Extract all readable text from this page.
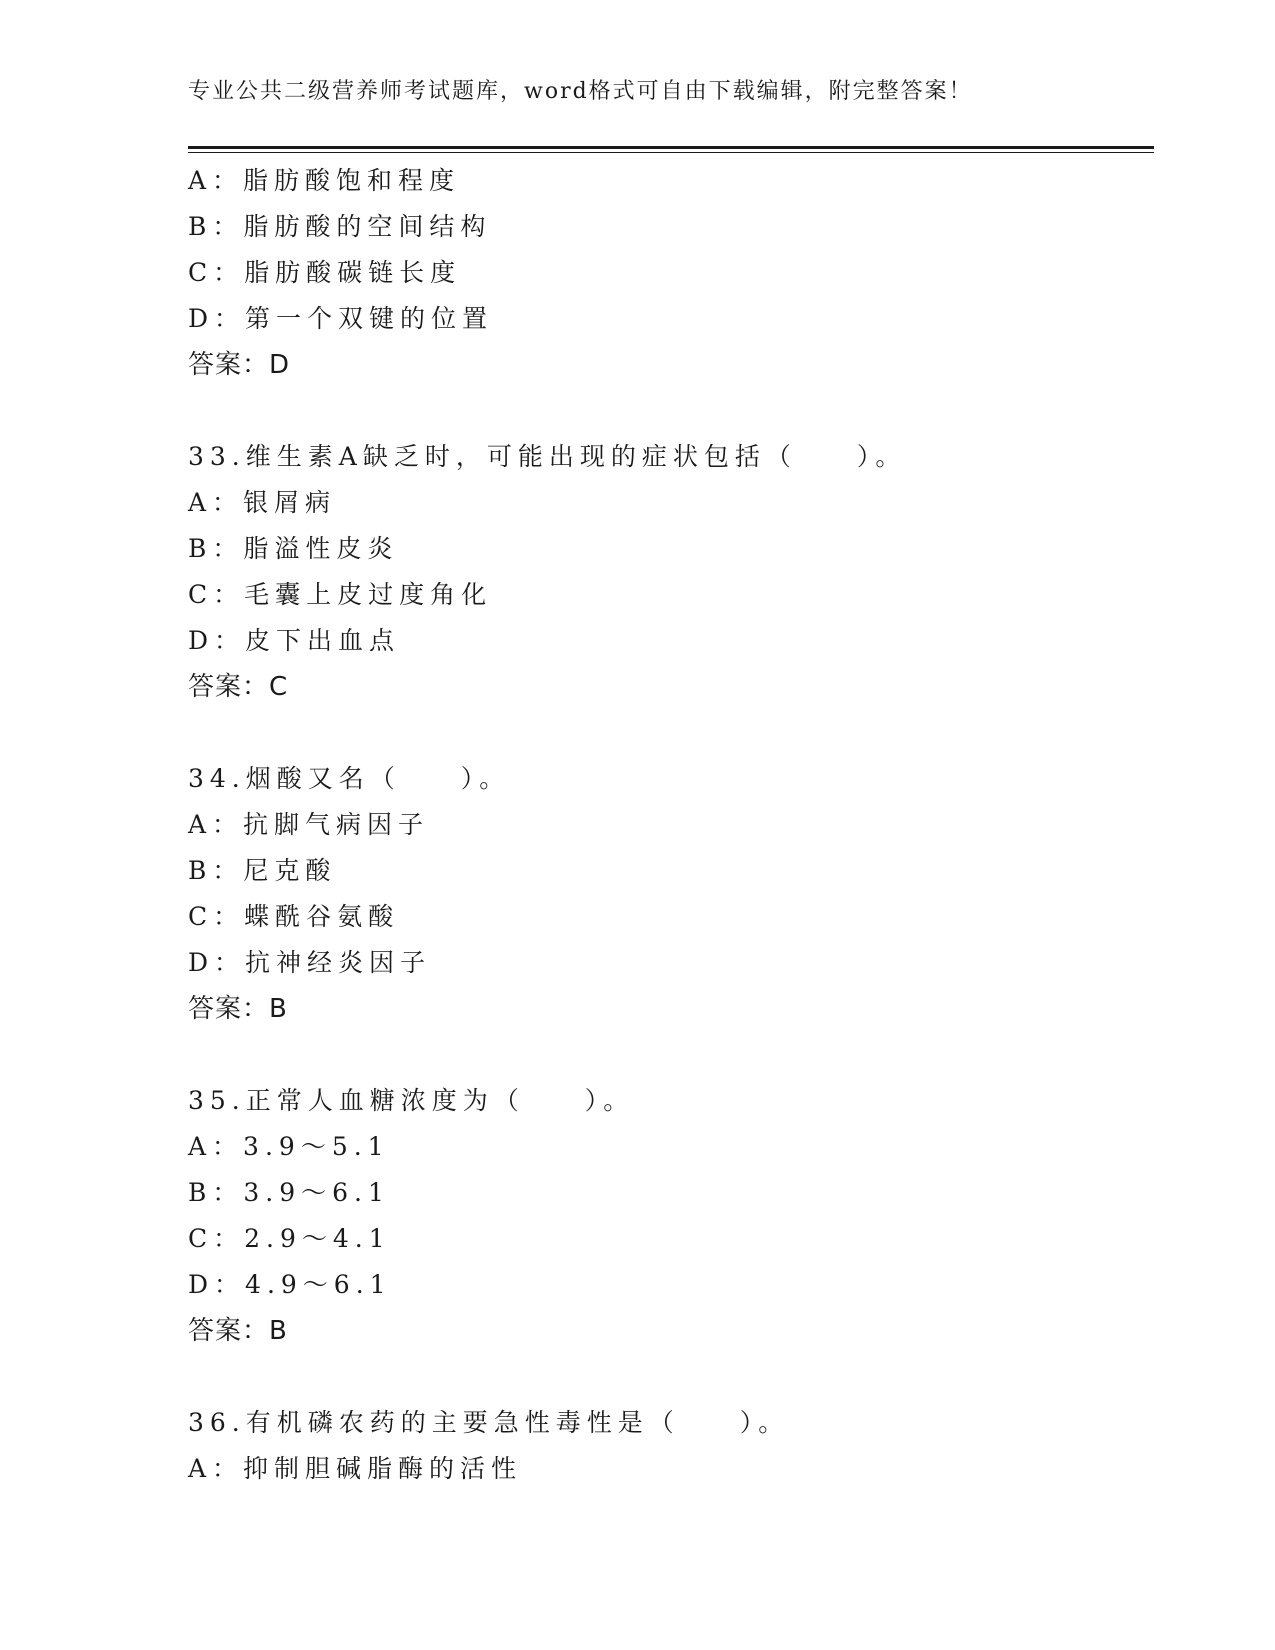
专业公共二级营养师考试题库，word格式可自由下载编辑，附完整答案！
A：脂肪酸饱和程度
B：脂肪酸的空间结构
C：脂肪酸碳链长度
D：第一个双键的位置
答案：D
33.维生素A缺乏时，可能出现的症状包括（ ）。
A：银屑病
B：脂溢性皮炎
C：毛囊上皮过度角化
D：皮下出血点
答案：C
34.烟酸又名（ ）。
A：抗脚气病因子
B：尼克酸
C：蝶酰谷氨酸
D：抗神经炎因子
答案：B
35.正常人血糖浓度为（ ）。
A：3.9～5.1
B：3.9～6.1
C：2.9～4.1
D：4.9～6.1
答案：B
36.有机磷农药的主要急性毒性是（ ）。
A：抑制胆碱脂酶的活性
